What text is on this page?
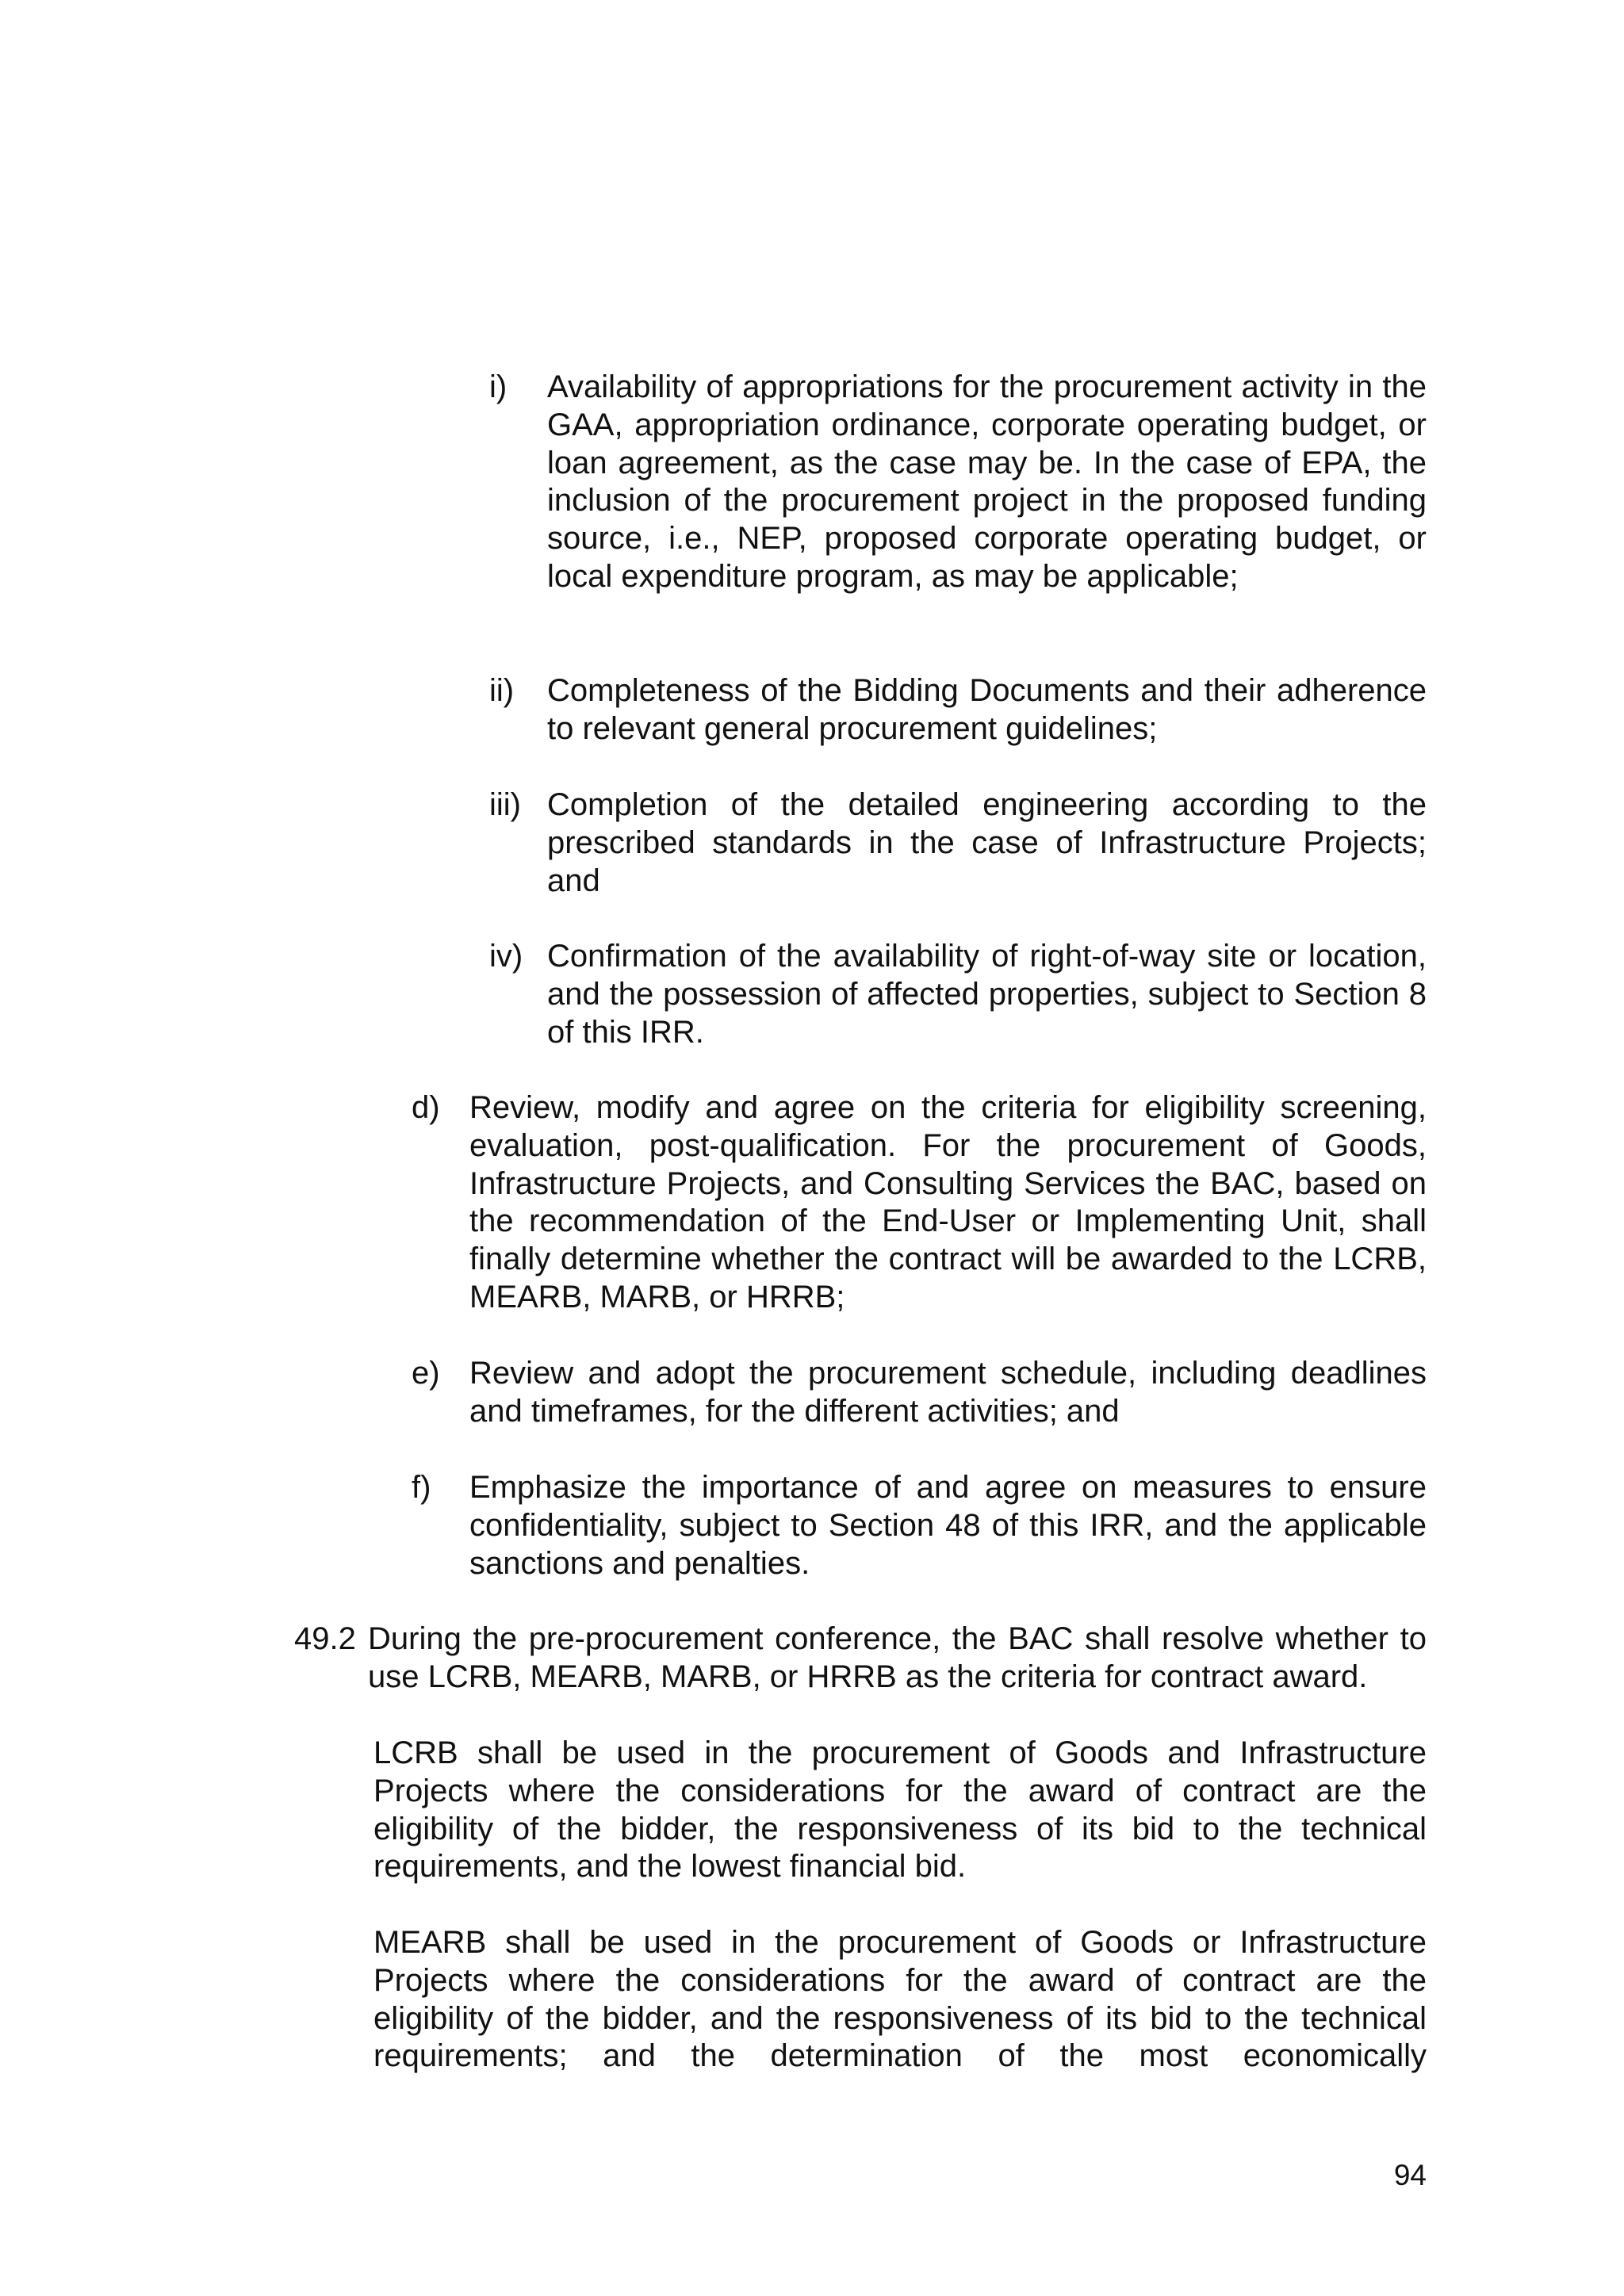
i)	Availability of appropriations for the procurement activity in the GAA, appropriation ordinance, corporate operating budget, or loan agreement, as the case may be. In the case of EPA, the inclusion of the procurement project in the proposed funding source, i.e., NEP, proposed corporate operating budget, or local expenditure program, as may be applicable;

ii)	Completeness of the Bidding Documents and their adherence to relevant general procurement guidelines;

iii) Completion of the detailed engineering according to the prescribed standards in the case of Infrastructure Projects; and

iv) Confirmation of the availability of right-of-way site or location, and the possession of affected properties, subject to Section 8 of this IRR.

d) Review, modify and agree on the criteria for eligibility screening, evaluation, post-qualification. For the procurement of Goods, Infrastructure Projects, and Consulting Services the BAC, based on the recommendation of the End-User or Implementing Unit, shall finally determine whether the contract will be awarded to the LCRB, MEARB, MARB, or HRRB;

e) Review and adopt the procurement schedule, including deadlines and timeframes, for the different activities; and

f)	Emphasize the importance of and agree on measures to ensure confidentiality, subject to Section 48 of this IRR, and the applicable sanctions and penalties.

49.2 During the pre-procurement conference, the BAC shall resolve whether to use LCRB, MEARB, MARB, or HRRB as the criteria for contract award.

LCRB shall be used in the procurement of Goods and Infrastructure Projects where the considerations for the award of contract are the eligibility of the bidder, the responsiveness of its bid to the technical requirements, and the lowest financial bid.

MEARB shall be used in the procurement of Goods or Infrastructure Projects where the considerations for the award of contract are the eligibility of the bidder, and the responsiveness of its bid to the technical requirements; and the determination of the most economically

94
